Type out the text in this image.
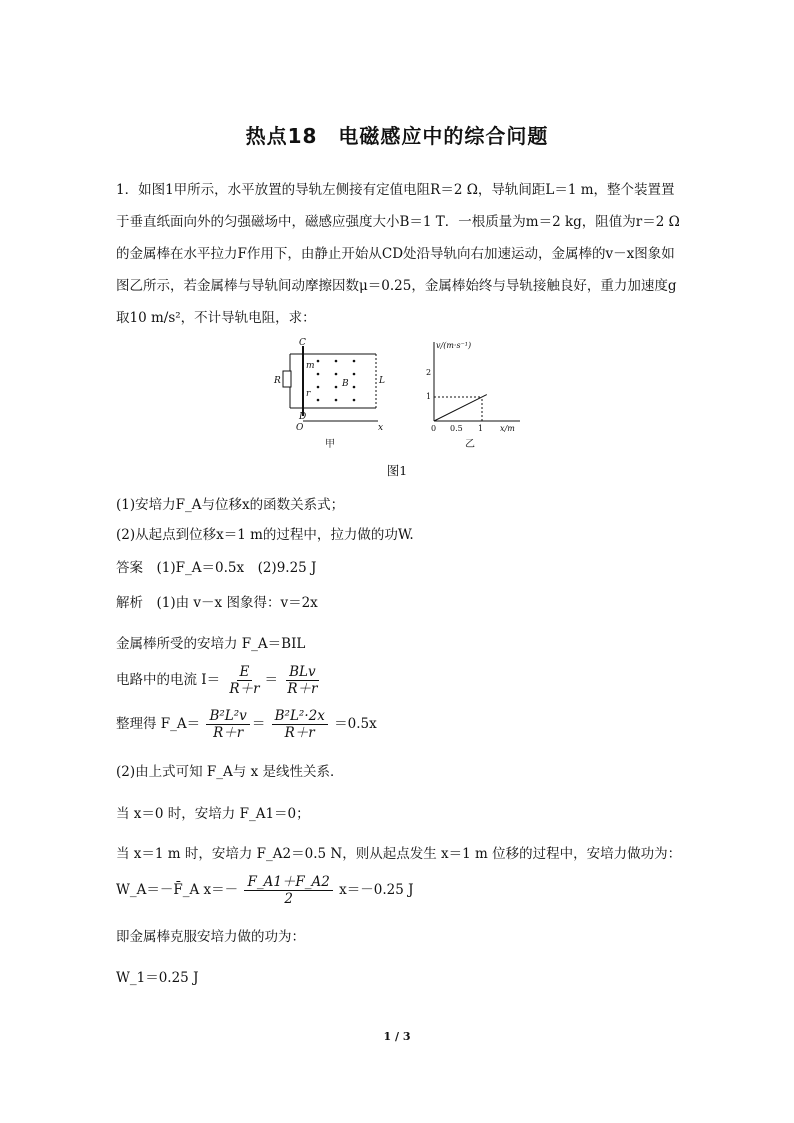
热点18　电磁感应中的综合问题
1．如图1甲所示，水平放置的导轨左侧接有定值电阻R＝2 Ω，导轨间距L＝1 m，整个装置置于垂直纸面向外的匀强磁场中，磁感应强度大小B＝1 T．一根质量为m＝2 kg，阻值为r＝2 Ω的金属棒在水平拉力F作用下，由静止开始从CD处沿导轨向右加速运动，金属棒的v－x图象如图乙所示，若金属棒与导轨间动摩擦因数μ＝0.25，金属棒始终与导轨接触良好，重力加速度g取10 m/s²，不计导轨电阻，求：
C
D
O	x
R
m
r
B	L
甲
v/(m·s⁻¹)
x/m
1
2
0 0.5 1
乙
图1
(1)安培力F_A与位移x的函数关系式；
(2)从起点到位移x＝1 m的过程中，拉力做的功W.
答案　(1)F_A＝0.5x　(2)9.25 J
解析　(1)由 v－x 图象得：v＝2x
金属棒所受的安培力 F_A＝BIL
电路中的电流 $I= \frac{E}{R+r} = \frac{\text{BLv}}{R+r}$
整理得 F_A＝ $\frac{\text{B²L²v}}{R+r} = \frac{\text{B²L²·2x}}{R+r} =0.5x$
(2)由上式可知 F_A与 x 是线性关系．
当 x＝0 时，安培力 F_A1＝0；
当 x＝1 m 时，安培力 F_A2＝0.5 N，则从起点发生 x＝1 m 位移的过程中，安培力做功为：
W_A＝－F̄_A $x=- \frac{F\_A1+F\_A2}{2} x=-0.25$ J
即金属棒克服安培力做的功为：
W_1＝0.25 J
1 / 3
